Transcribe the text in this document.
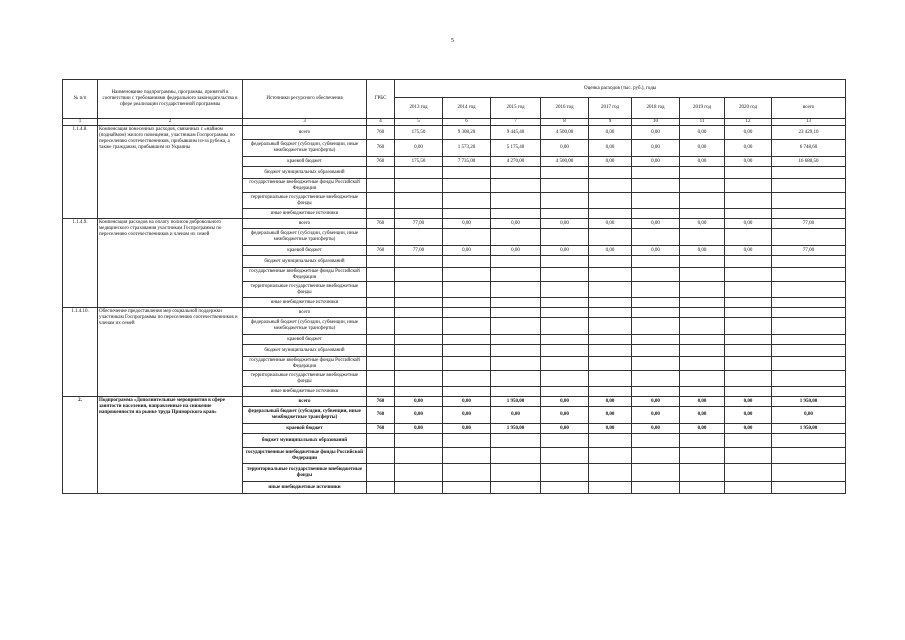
5
№ п/п	Наименование подпрограммы, программы, принятой в соответствии с требованиями федерального законодательства в сфере реализации государственной программы	Источники ресурсного обеспечения	ГРБС	Оценка расходов (тыс. руб.), годы								
				2013 год	2014 год	2015 год	2016 год	2017 год	2018 год	2019 год	2020 год	всего
1	2	3	4	5	6	7	8	9	10	11	12	13
1.1.4.8.	Компенсация понесенных расходов, связанных с «наймом (поднаймом) жилого помещения, участникам Госпрограммы по переселению соотечественников, прибывшим из-за рубежа, а также гражданам, прибывшим из Украины	всего	760	175,50	9 308,20	9 445,40	4 500,00	0,00	0,00	0,00	0,00	23 429,10
		федеральный бюджет (субсидии, субвенции, иные межбюджетные трансферты)	760	0,00	1 573,20	5 175,40	0,00	0,00	0,00	0,00	0,00	6 748,60
		краевой бюджет	760	175,50	7 735,00	4 270,00	4 500,00	0,00	0,00	0,00	0,00	16 680,50
		бюджет муниципальных образований										
		государственные внебюджетные фонды Российской Федерации										
		территориальные государственные внебюджетные фонды										
		иные внебюджетные источники										
1.1.4.9.	Компенсация расходов на оплату полисов добровольного медицинского страхования участникам Госпрограммы по переселению соотечественников и членам их семей	всего	760	77,00	0,00	0,00	0,00	0,00	0,00	0,00	0,00	77,00
		федеральный бюджет (субсидии, субвенции, иные межбюджетные трансферты)										
		краевой бюджет	760	77,00	0,00	0,00	0,00	0,00	0,00	0,00	0,00	77,00
		бюджет муниципальных образований										
		государственные внебюджетные фонды Российской Федерации										
		территориальные государственные внебюджетные фонды										
		иные внебюджетные источники										
1.1.4.10.	Обеспечение предоставления мер социальной поддержки участникам Госпрограммы по переселению соотечественников и членам их семей	всего										
		федеральный бюджет (субсидии, субвенции, иные межбюджетные трансферты)										
		краевой бюджет										
		бюджет муниципальных образований										
		государственные внебюджетные фонды Российской Федерации										
		территориальные государственные внебюджетные фонды										
		иные внебюджетные источники										
2.	Подпрограмма «Дополнительные мероприятия в сфере занятости населения, направленные на снижение напряженности на рынке труда Приморского края»	всего	760	0,00	0,00	1 950,00	0,00	0,00	0,00	0,00	0,00	1 950,00
		федеральный бюджет (субсидии, субвенции, иные межбюджетные трансферты)	760	0,00	0,00	0,00	0,00	0,00	0,00	0,00	0,00	0,00
		краевой бюджет	760	0,00	0,00	1 950,00	0,00	0,00	0,00	0,00	0,00	1 950,00
		бюджет муниципальных образований										
		государственные внебюджетные фонды Российской Федерации										
		территориальные государственные внебюджетные фонды										
		иные внебюджетные источники										
